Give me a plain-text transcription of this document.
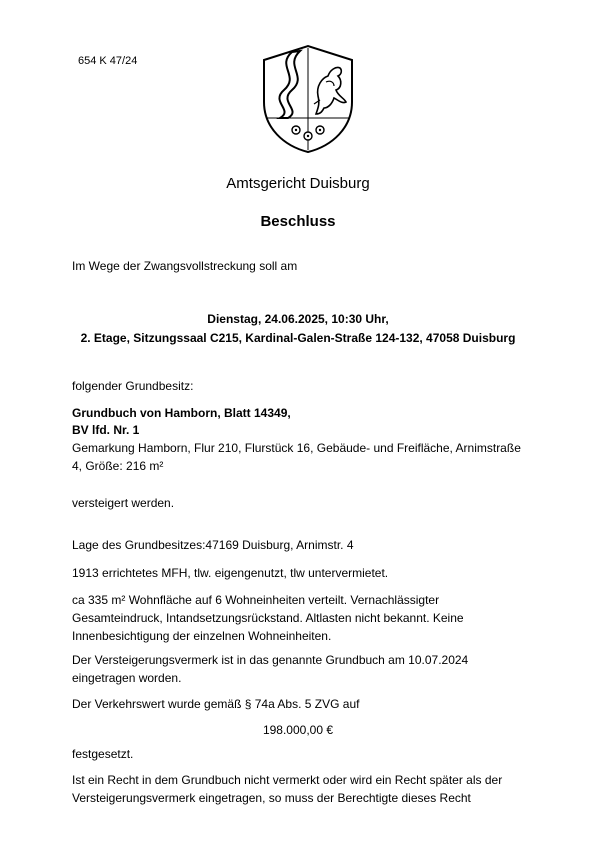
654 K 47/24
Amtsgericht Duisburg
Beschluss
Im Wege der Zwangsvollstreckung soll am
Dienstag, 24.06.2025, 10:30 Uhr,
2. Etage, Sitzungssaal C215, Kardinal-Galen-Straße 124-132, 47058 Duisburg
folgender Grundbesitz:
Grundbuch von Hamborn, Blatt 14349,
BV lfd. Nr. 1
Gemarkung Hamborn, Flur 210, Flurstück 16, Gebäude- und Freifläche, Arnimstraße
4, Größe: 216 m²
versteigert werden.
Lage des Grundbesitzes:47169 Duisburg, Arnimstr. 4
1913 errichtetes MFH, tlw. eigengenutzt, tlw untervermietet.
ca 335 m² Wohnfläche auf 6 Wohneinheiten verteilt. Vernachlässigter
Gesamteindruck, Intandsetzungsrückstand. Altlasten nicht bekannt. Keine
Innenbesichtigung der einzelnen Wohneinheiten.
Der Versteigerungsvermerk ist in das genannte Grundbuch am 10.07.2024
eingetragen worden.
Der Verkehrswert wurde gemäß § 74a Abs. 5 ZVG auf
198.000,00 €
festgesetzt.
Ist ein Recht in dem Grundbuch nicht vermerkt oder wird ein Recht später als der
Versteigerungsvermerk eingetragen, so muss der Berechtigte dieses Recht
